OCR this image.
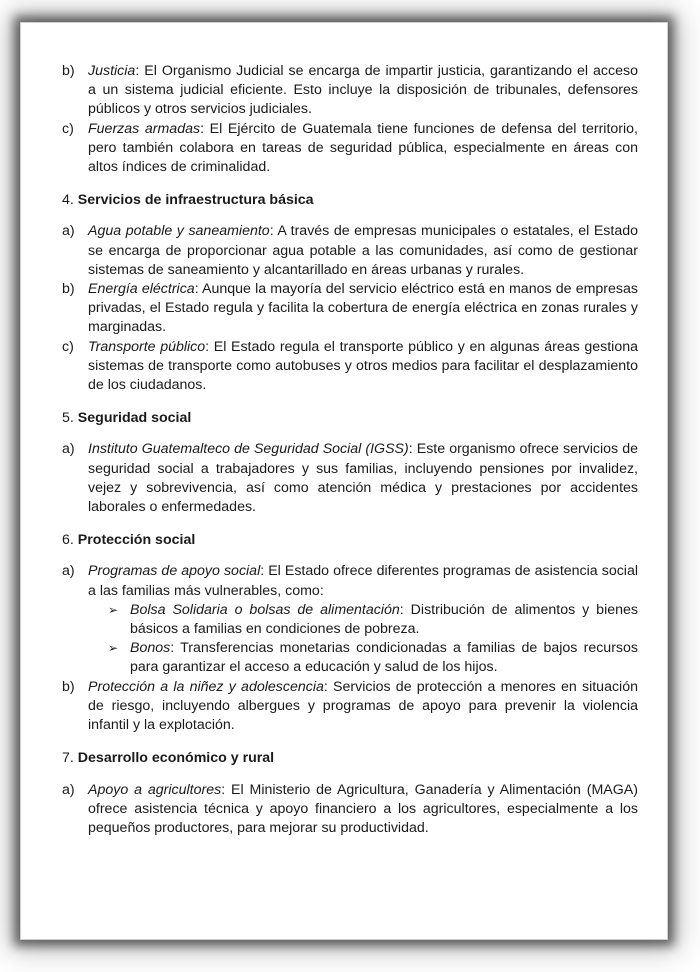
b) Justicia: El Organismo Judicial se encarga de impartir justicia, garantizando el acceso a un sistema judicial eficiente. Esto incluye la disposición de tribunales, defensores públicos y otros servicios judiciales.
c) Fuerzas armadas: El Ejército de Guatemala tiene funciones de defensa del territorio, pero también colabora en tareas de seguridad pública, especialmente en áreas con altos índices de criminalidad.
4. Servicios de infraestructura básica
a) Agua potable y saneamiento: A través de empresas municipales o estatales, el Estado se encarga de proporcionar agua potable a las comunidades, así como de gestionar sistemas de saneamiento y alcantarillado en áreas urbanas y rurales.
b) Energía eléctrica: Aunque la mayoría del servicio eléctrico está en manos de empresas privadas, el Estado regula y facilita la cobertura de energía eléctrica en zonas rurales y marginadas.
c) Transporte público: El Estado regula el transporte público y en algunas áreas gestiona sistemas de transporte como autobuses y otros medios para facilitar el desplazamiento de los ciudadanos.
5. Seguridad social
a) Instituto Guatemalteco de Seguridad Social (IGSS): Este organismo ofrece servicios de seguridad social a trabajadores y sus familias, incluyendo pensiones por invalidez, vejez y sobrevivencia, así como atención médica y prestaciones por accidentes laborales o enfermedades.
6. Protección social
a) Programas de apoyo social: El Estado ofrece diferentes programas de asistencia social a las familias más vulnerables, como:
➢ Bolsa Solidaria o bolsas de alimentación: Distribución de alimentos y bienes básicos a familias en condiciones de pobreza.
➢ Bonos: Transferencias monetarias condicionadas a familias de bajos recursos para garantizar el acceso a educación y salud de los hijos.
b) Protección a la niñez y adolescencia: Servicios de protección a menores en situación de riesgo, incluyendo albergues y programas de apoyo para prevenir la violencia infantil y la explotación.
7. Desarrollo económico y rural
a) Apoyo a agricultores: El Ministerio de Agricultura, Ganadería y Alimentación (MAGA) ofrece asistencia técnica y apoyo financiero a los agricultores, especialmente a los pequeños productores, para mejorar su productividad.
